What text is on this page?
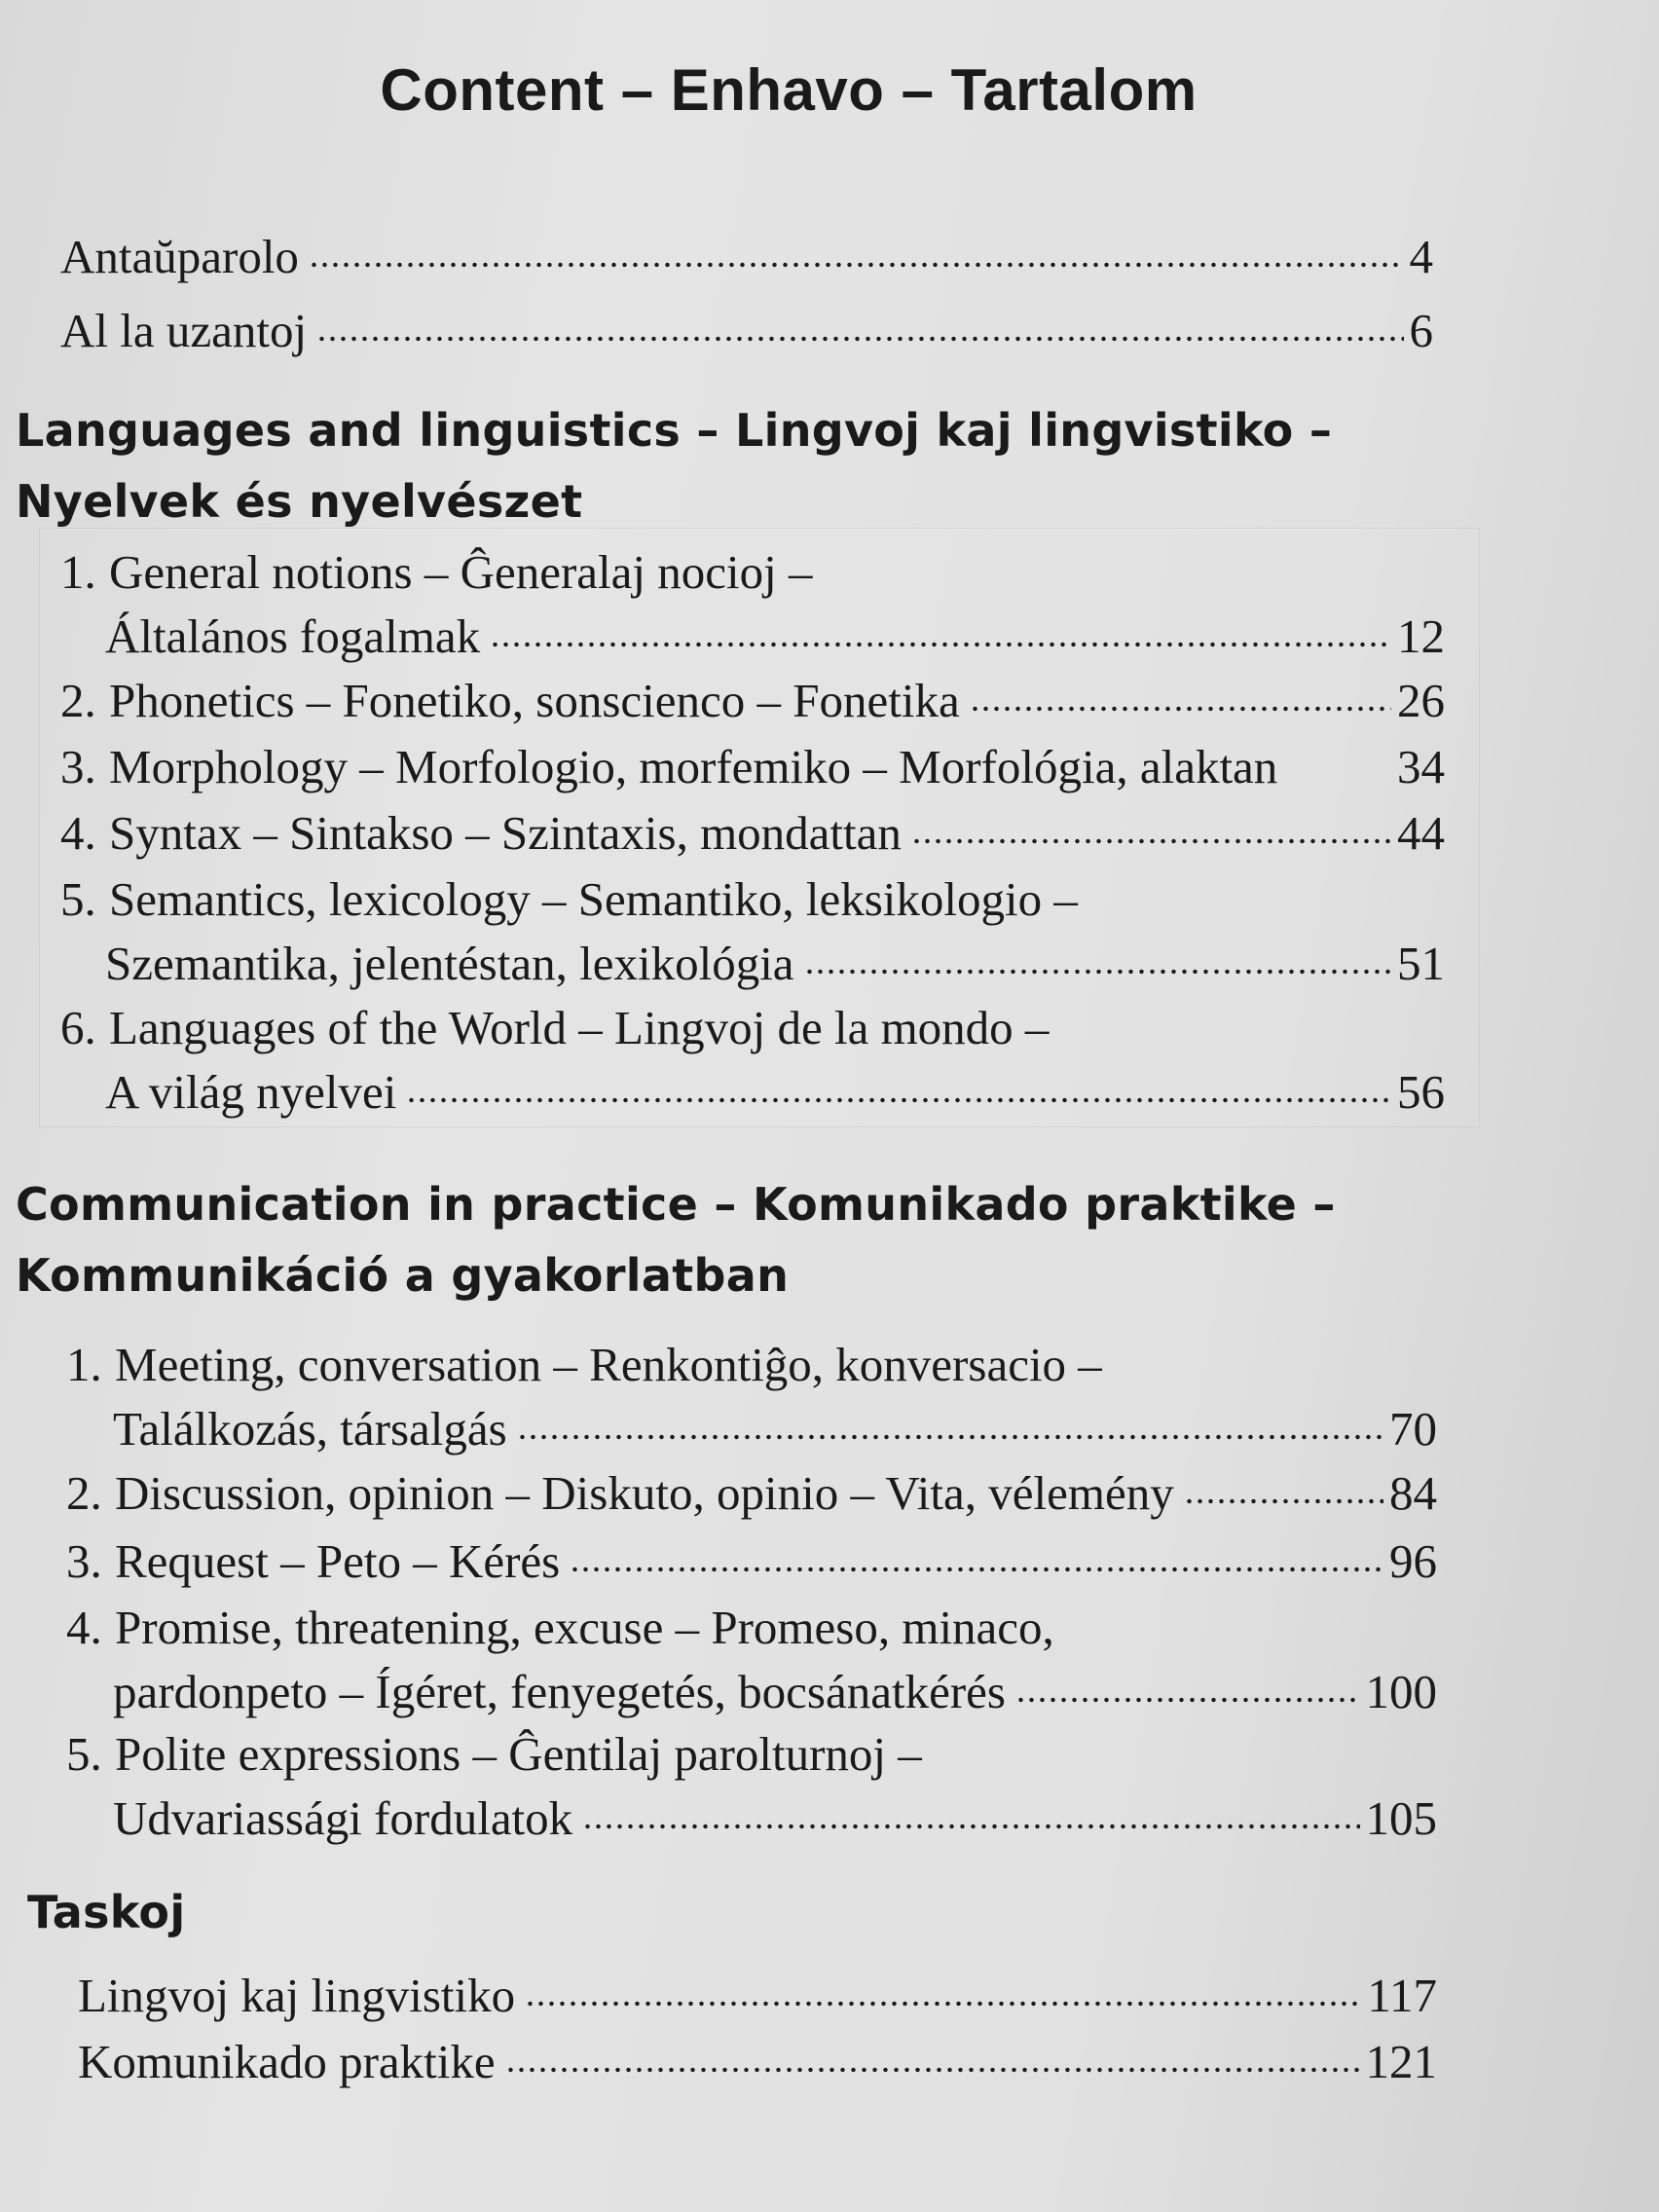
Content – Enhavo – Tartalom
Antaŭparolo	4
Al la uzantoj	6
Languages and linguistics – Lingvoj kaj lingvistiko –
Nyelvek és nyelvészet
1. General notions – Ĝeneralaj nocioj –
Általános fogalmak	12
2. Phonetics – Fonetiko, sonscienco – Fonetika	26
3. Morphology – Morfologio, morfemiko – Morfológia, alaktan	34
4. Syntax – Sintakso – Szintaxis, mondattan	44
5. Semantics, lexicology – Semantiko, leksikologio –
Szemantika, jelentéstan, lexikológia	51
6. Languages of the World – Lingvoj de la mondo –
A világ nyelvei	56
Communication in practice – Komunikado praktike –
Kommunikáció a gyakorlatban
1. Meeting, conversation – Renkontiĝo, konversacio –
Találkozás, társalgás	70
2. Discussion, opinion – Diskuto, opinio – Vita, vélemény	84
3. Request – Peto – Kérés	96
4. Promise, threatening, excuse – Promeso, minaco,
pardonpeto – Ígéret, fenyegetés, bocsánatkérés	100
5. Polite expressions – Ĝentilaj parolturnoj –
Udvariassági fordulatok	105
Taskoj
Lingvoj kaj lingvistiko	117
Komunikado praktike	121
